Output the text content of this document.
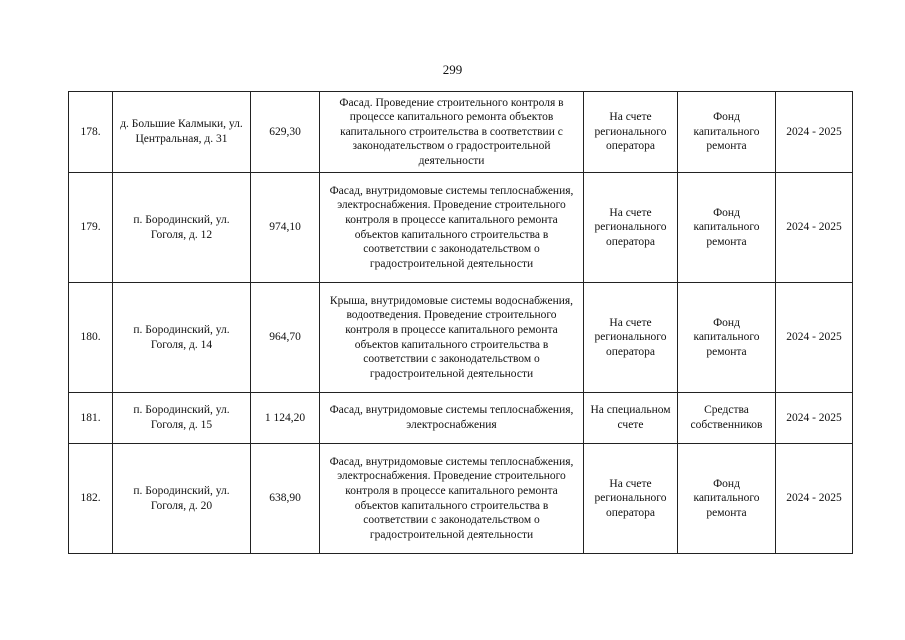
299
178.	д. Большие Калмыки, ул. Центральная, д. 31	629,30	Фасад. Проведение строительного контроля в процессе капитального ремонта объектов капитального строительства в соответствии с законодательством о градостроительной деятельности	На счете регионального оператора	Фонд капитального ремонта	2024 - 2025
179.	п. Бородинский, ул. Гоголя, д. 12	974,10	Фасад, внутридомовые системы теплоснабжения, электроснабжения. Проведение строительного контроля в процессе капитального ремонта объектов капитального строительства в соответствии с законодательством о градостроительной деятельности	На счете регионального оператора	Фонд капитального ремонта	2024 - 2025
180.	п. Бородинский, ул. Гоголя, д. 14	964,70	Крыша, внутридомовые системы водоснабжения, водоотведения. Проведение строительного контроля в процессе капитального ремонта объектов капитального строительства в соответствии с законодательством о градостроительной деятельности	На счете регионального оператора	Фонд капитального ремонта	2024 - 2025
181.	п. Бородинский, ул. Гоголя, д. 15	1 124,20	Фасад, внутридомовые системы теплоснабжения, электроснабжения	На специальном счете	Средства собственников	2024 - 2025
182.	п. Бородинский, ул. Гоголя, д. 20	638,90	Фасад, внутридомовые системы теплоснабжения, электроснабжения. Проведение строительного контроля в процессе капитального ремонта объектов капитального строительства в соответствии с законодательством о градостроительной деятельности	На счете регионального оператора	Фонд капитального ремонта	2024 - 2025
